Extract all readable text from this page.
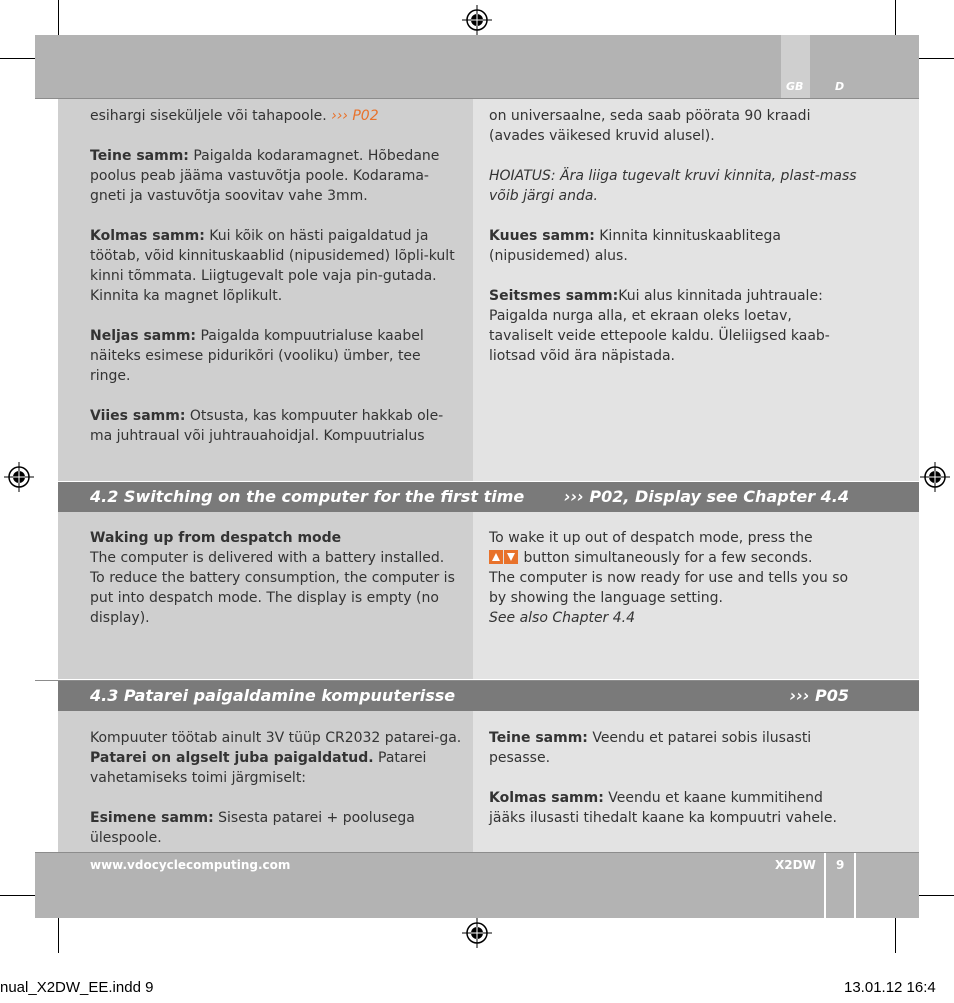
GB	D

esihargi siseküljele või tahapoole. ››› P02

Teine samm: Paigalda kodaramagnet. Hõbedane poolus peab jääma vastuvõtja poole. Kodarama-gneti ja vastuvõtja soovitav vahe 3mm.

Kolmas samm: Kui kõik on hästi paigaldatud ja töötab, võid kinnituskaablid (nipusidemed) lõpli-kult kinni tõmmata. Liigtugevalt pole vaja pin-gutada. Kinnita ka magnet lõplikult.

Neljas samm: Paigalda kompuutrialuse kaabel näiteks esimese pidurikõri (vooliku) ümber, tee ringe.

Viies samm: Otsusta, kas kompuuter hakkab ole-ma juhtraual või juhtrauahoidjal. Kompuutrialus

on universaalne, seda saab pöörata 90 kraadi (avades väikesed kruvid alusel).

HOIATUS: Ära liiga tugevalt kruvi kinnita, plast-mass võib järgi anda.

Kuues samm: Kinnita kinnituskaablitega (nipusidemed) alus.

Seitsmes samm:Kui alus kinnitada juhtrauale: Paigalda nurga alla, et ekraan oleks loetav, tavaliselt veide ettepoole kaldu. Üleliigsed kaab-liotsad võid ära näpistada.

4.2 Switching on the computer for the first time ››› P02, Display see Chapter 4.4
Waking up from despatch mode
The computer is delivered with a battery installed. To reduce the battery consumption, the computer is put into despatch mode. The display is empty (no display).
To wake it up out of despatch mode, press the
button simultaneously for a few seconds.
The computer is now ready for use and tells you so by showing the language setting.
See also Chapter 4.4
4.3 Patarei paigaldamine kompuuterisse	››› P05

Kompuuter töötab ainult 3V tüüp CR2032 patarei-ga. Patarei on algselt juba paigaldatud. Patarei vahetamiseks toimi järgmiselt:

Esimene samm: Sisesta patarei + poolusega ülespoole.

Teine samm: Veendu et patarei sobis ilusasti pesasse.

Kolmas samm: Veendu et kaane kummitihend jääks ilusasti tihedalt kaane ka kompuutri vahele.

www.vdocyclecomputing.com	X2DW 9
nual_X2DW_EE.indd 9	13.01.12 16:4
